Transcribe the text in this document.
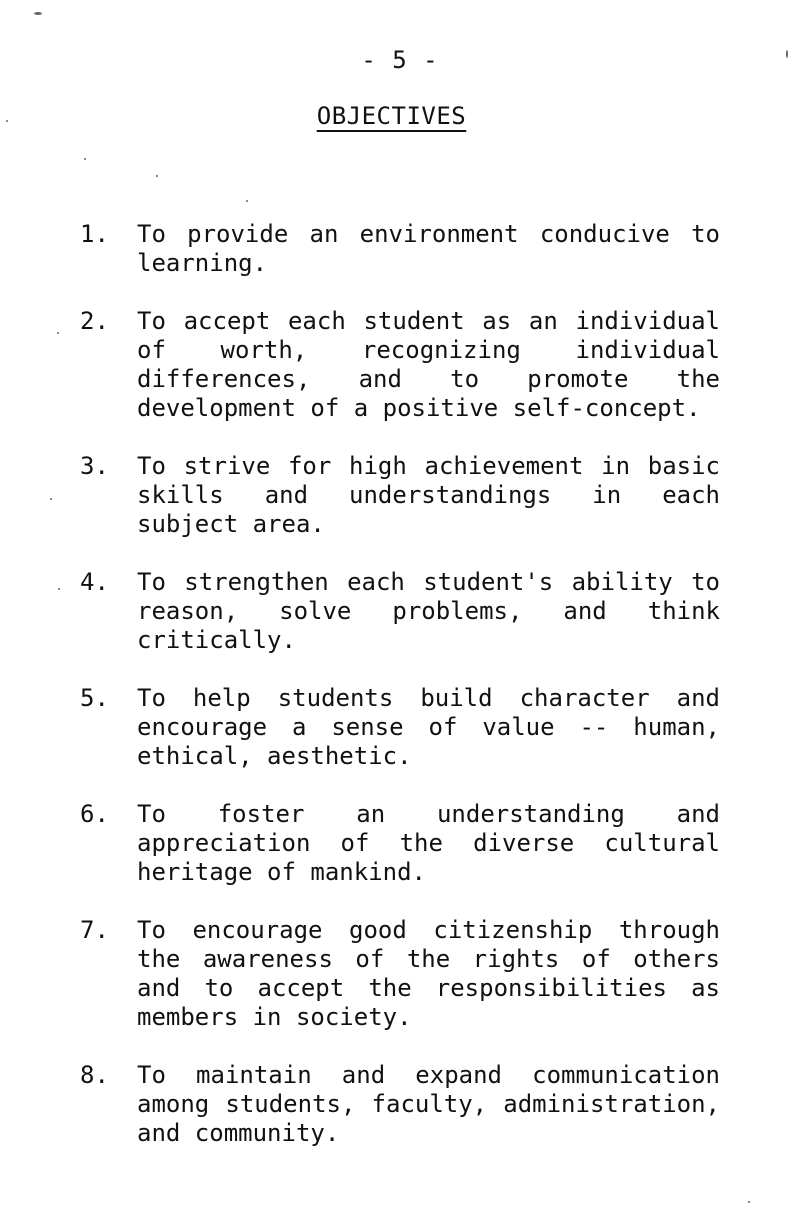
- 5 -
OBJECTIVES
1.	To provide an environment conducive to learning.
2.	To accept each student as an individual of worth, recognizing individual differences, and to promote the development of a positive self-concept.
3.	To strive for high achievement in basic skills and understandings in each subject area.
4.	To strengthen each student's ability to reason, solve problems, and think critically.
5.	To help students build character and encourage a sense of value -- human, ethical, aesthetic.
6.	To foster an understanding and appreciation of the diverse cultural heritage of mankind.
7.	To encourage good citizenship through the awareness of the rights of others and to accept the responsibilities as members in society.
8.	To maintain and expand communication among students, faculty, administration, and community.
